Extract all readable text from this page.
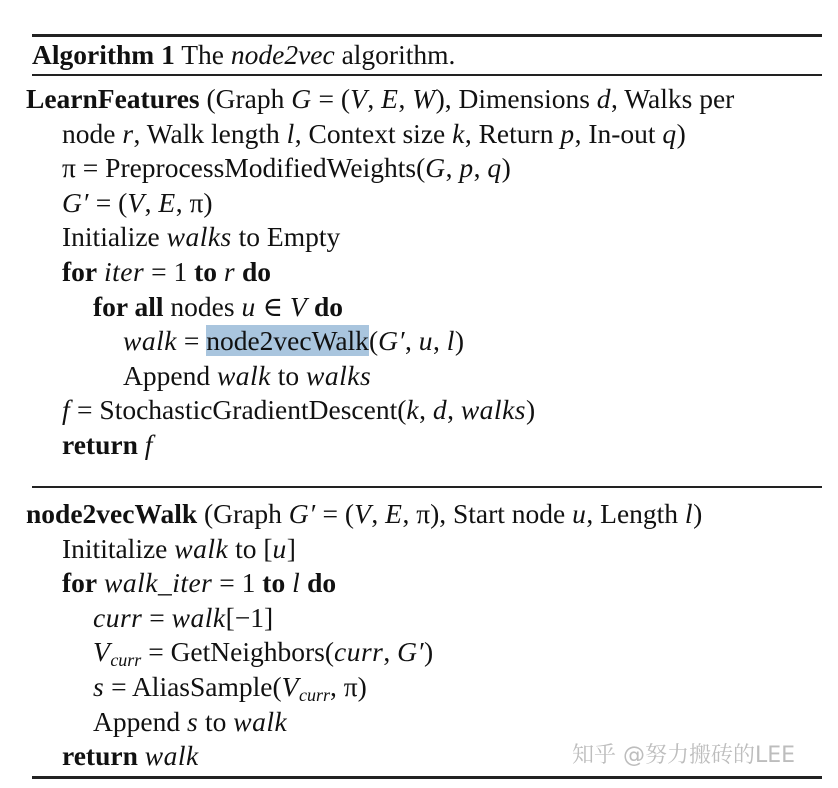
Algorithm 1 The node2vec algorithm.
LearnFeatures (Graph G = (V, E, W), Dimensions d, Walks per
node r, Walk length l, Context size k, Return p, In-out q)
π = PreprocessModifiedWeights(G, p, q)
G′ = (V, E, π)
Initialize walks to Empty
for iter = 1 to r do
for all nodes u ∈ V do
walk = node2vecWalk(G′, u, l)
Append walk to walks
f = StochasticGradientDescent(k, d, walks)
return f
node2vecWalk (Graph G′ = (V, E, π), Start node u, Length l)
Inititalize walk to [u]
for walk_iter = 1 to l do
curr = walk[−1]
$V_{curr}$ = GetNeighbors(curr, G′)
$s = AliasSample(V_{curr}$, π)
Append s to walk
return walk	知乎 @努力搬砖的LEE
